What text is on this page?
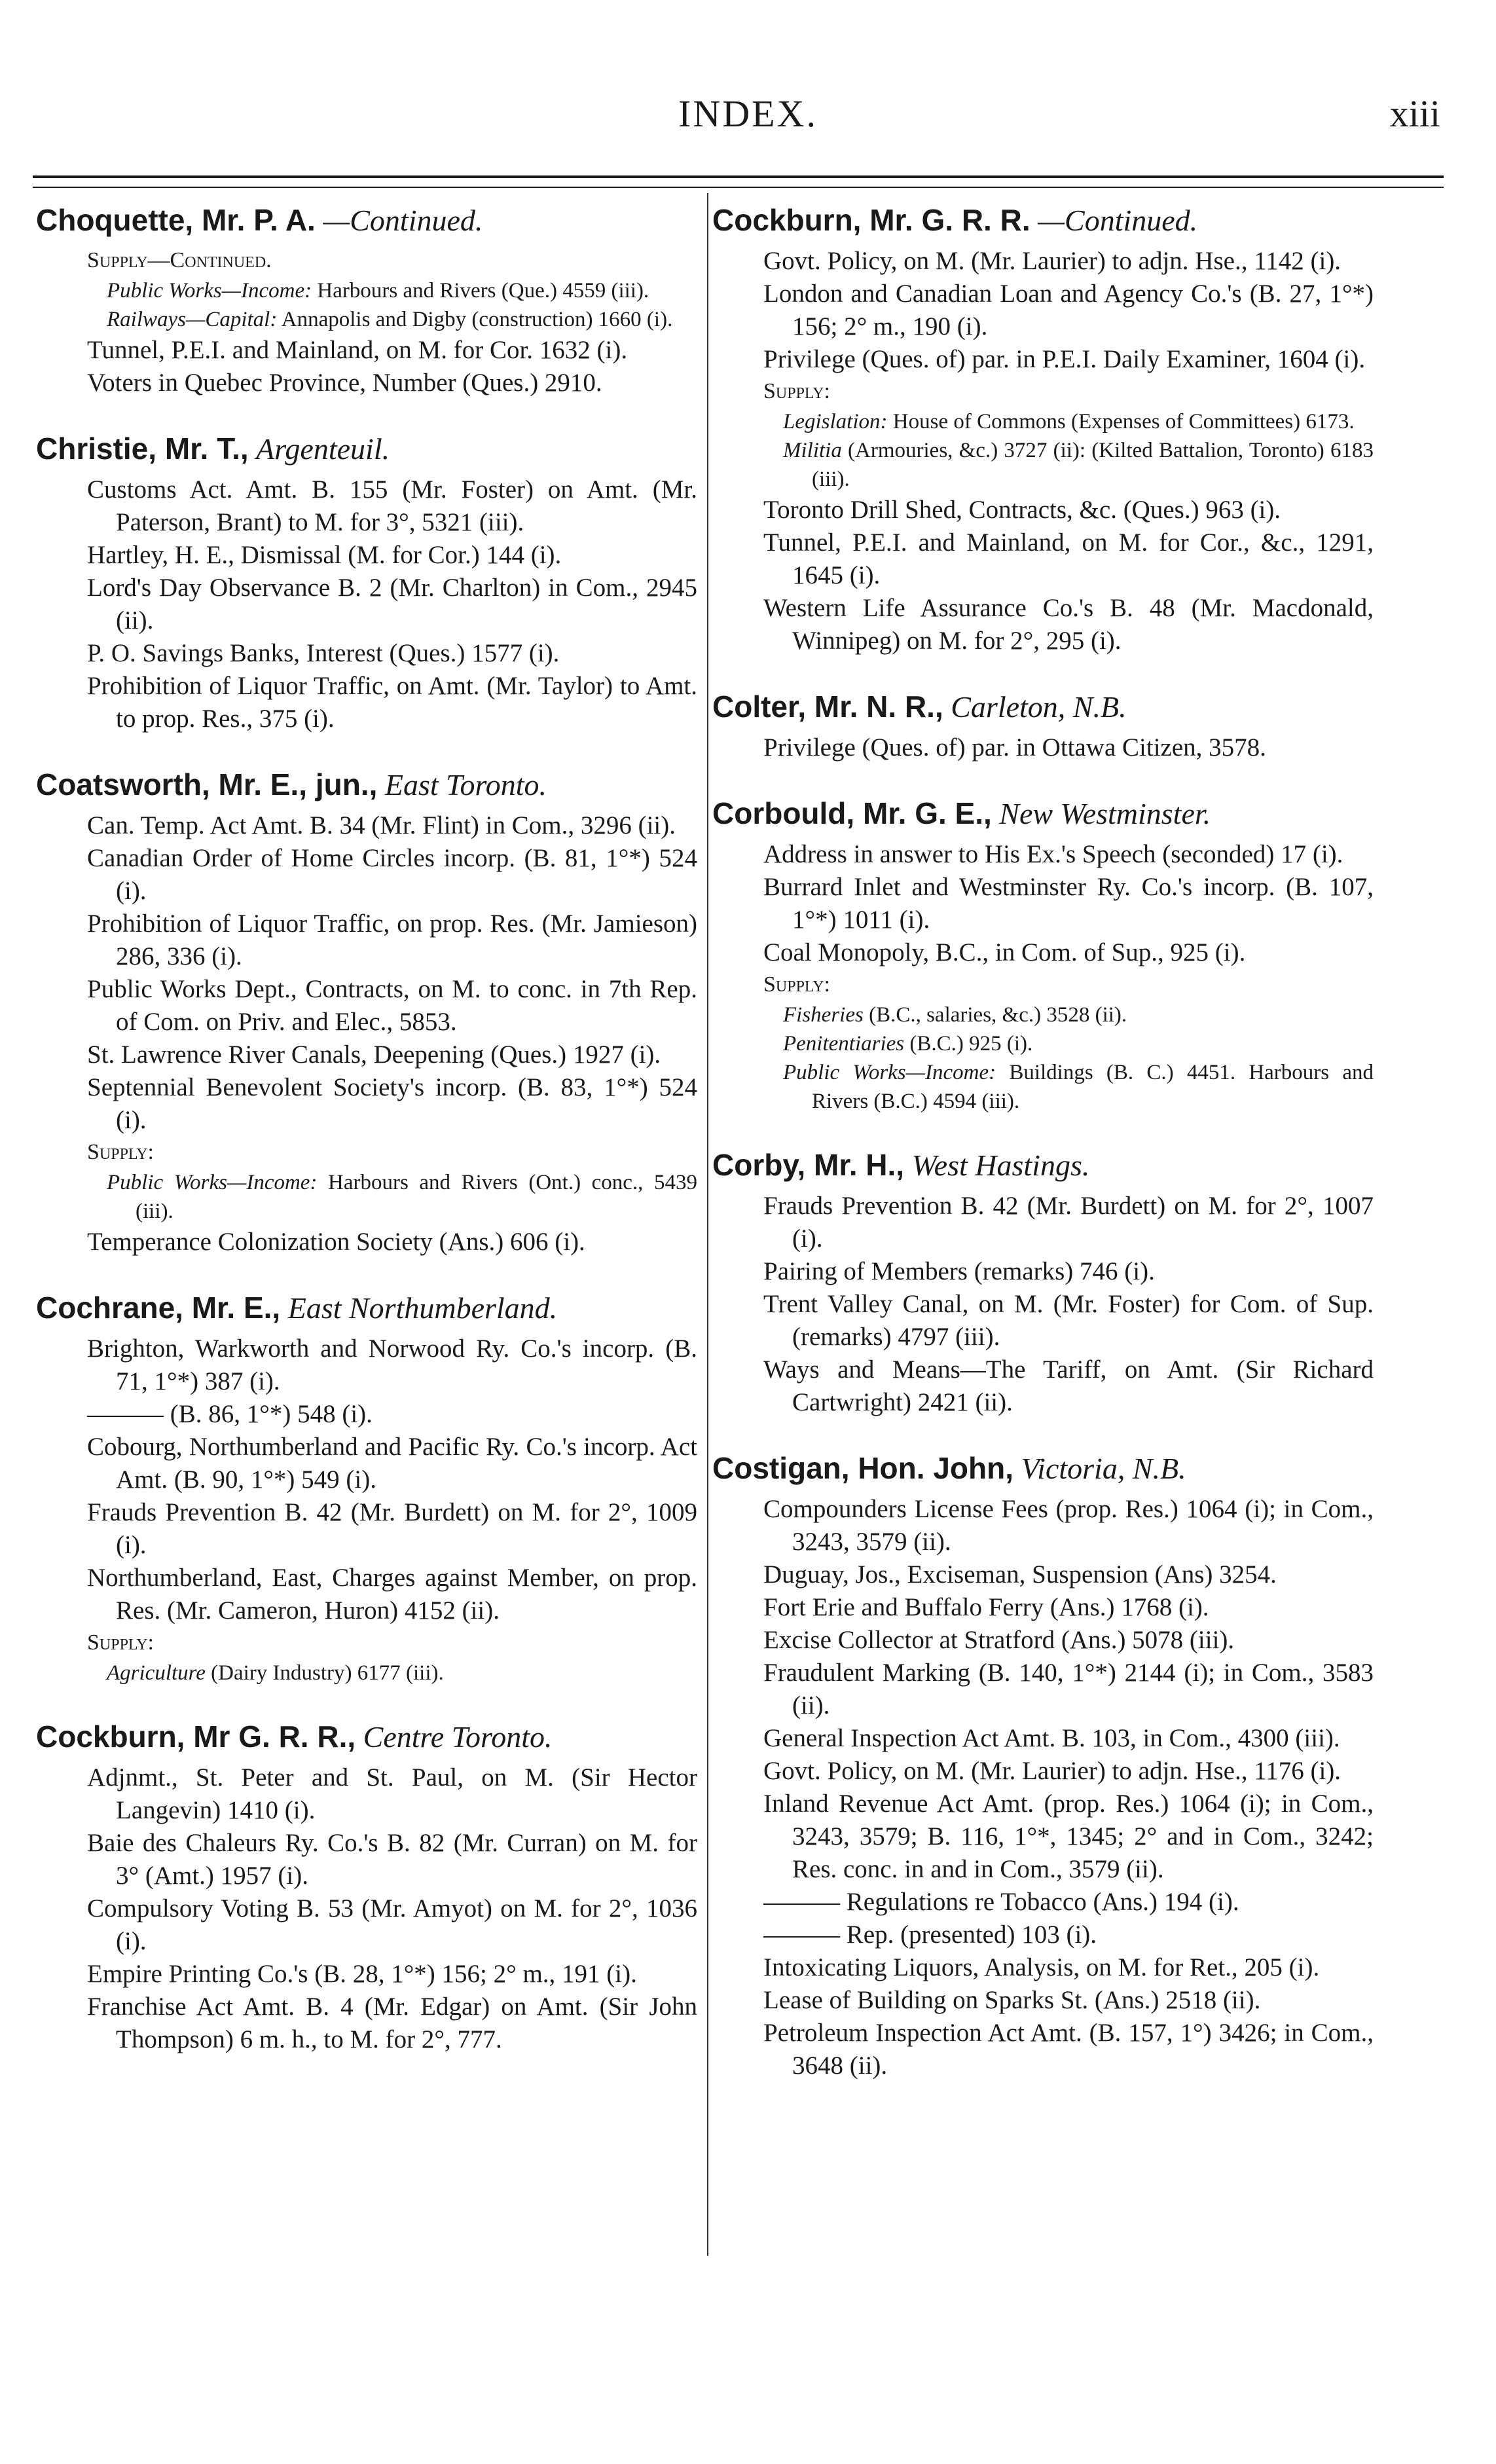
INDEX.	xiii
Choquette, Mr. P. A. —Continued.
Supply—Continued.
Public Works—Income: Harbours and Rivers (Que.) 4559 (iii).
Railways—Capital: Annapolis and Digby (construction) 1660 (i).
Tunnel, P.E.I. and Mainland, on M. for Cor. 1632 (i).
Voters in Quebec Province, Number (Ques.) 2910.
Christie, Mr. T., Argenteuil.
Customs Act. Amt. B. 155 (Mr. Foster) on Amt. (Mr. Paterson, Brant) to M. for 3°, 5321 (iii).
Hartley, H. E., Dismissal (M. for Cor.) 144 (i).
Lord's Day Observance B. 2 (Mr. Charlton) in Com., 2945 (ii).
P. O. Savings Banks, Interest (Ques.) 1577 (i).
Prohibition of Liquor Traffic, on Amt. (Mr. Taylor) to Amt. to prop. Res., 375 (i).
Coatsworth, Mr. E., jun., East Toronto.
Can. Temp. Act Amt. B. 34 (Mr. Flint) in Com., 3296 (ii).
Canadian Order of Home Circles incorp. (B. 81, 1°*) 524 (i).
Prohibition of Liquor Traffic, on prop. Res. (Mr. Jamieson) 286, 336 (i).
Public Works Dept., Contracts, on M. to conc. in 7th Rep. of Com. on Priv. and Elec., 5853.
St. Lawrence River Canals, Deepening (Ques.) 1927 (i).
Septennial Benevolent Society's incorp. (B. 83, 1°*) 524 (i).
Supply:
Public Works—Income: Harbours and Rivers (Ont.) conc., 5439 (iii).
Temperance Colonization Society (Ans.) 606 (i).
Cochrane, Mr. E., East Northumberland.
Brighton, Warkworth and Norwood Ry. Co.'s incorp. (B. 71, 1°*) 387 (i).
——— (B. 86, 1°*) 548 (i).
Cobourg, Northumberland and Pacific Ry. Co.'s incorp. Act Amt. (B. 90, 1°*) 549 (i).
Frauds Prevention B. 42 (Mr. Burdett) on M. for 2°, 1009 (i).
Northumberland, East, Charges against Member, on prop. Res. (Mr. Cameron, Huron) 4152 (ii).
Supply:
Agriculture (Dairy Industry) 6177 (iii).
Cockburn, Mr G. R. R., Centre Toronto.
Adjnmt., St. Peter and St. Paul, on M. (Sir Hector Langevin) 1410 (i).
Baie des Chaleurs Ry. Co.'s B. 82 (Mr. Curran) on M. for 3° (Amt.) 1957 (i).
Compulsory Voting B. 53 (Mr. Amyot) on M. for 2°, 1036 (i).
Empire Printing Co.'s (B. 28, 1°*) 156; 2° m., 191 (i).
Franchise Act Amt. B. 4 (Mr. Edgar) on Amt. (Sir John Thompson) 6 m. h., to M. for 2°, 777.
Cockburn, Mr. G. R. R. —Continued.
Govt. Policy, on M. (Mr. Laurier) to adjn. Hse., 1142 (i).
London and Canadian Loan and Agency Co.'s (B. 27, 1°*) 156; 2° m., 190 (i).
Privilege (Ques. of) par. in P.E.I. Daily Examiner, 1604 (i).
Supply:
Legislation: House of Commons (Expenses of Committees) 6173.
Militia (Armouries, &c.) 3727 (ii): (Kilted Battalion, Toronto) 6183 (iii).
Toronto Drill Shed, Contracts, &c. (Ques.) 963 (i).
Tunnel, P.E.I. and Mainland, on M. for Cor., &c., 1291, 1645 (i).
Western Life Assurance Co.'s B. 48 (Mr. Macdonald, Winnipeg) on M. for 2°, 295 (i).
Colter, Mr. N. R., Carleton, N.B.
Privilege (Ques. of) par. in Ottawa Citizen, 3578.
Corbould, Mr. G. E., New Westminster.
Address in answer to His Ex.'s Speech (seconded) 17 (i).
Burrard Inlet and Westminster Ry. Co.'s incorp. (B. 107, 1°*) 1011 (i).
Coal Monopoly, B.C., in Com. of Sup., 925 (i).
Supply:
Fisheries (B.C., salaries, &c.) 3528 (ii).
Penitentiaries (B.C.) 925 (i).
Public Works—Income: Buildings (B. C.) 4451. Harbours and Rivers (B.C.) 4594 (iii).
Corby, Mr. H., West Hastings.
Frauds Prevention B. 42 (Mr. Burdett) on M. for 2°, 1007 (i).
Pairing of Members (remarks) 746 (i).
Trent Valley Canal, on M. (Mr. Foster) for Com. of Sup. (remarks) 4797 (iii).
Ways and Means—The Tariff, on Amt. (Sir Richard Cartwright) 2421 (ii).
Costigan, Hon. John, Victoria, N.B.
Compounders License Fees (prop. Res.) 1064 (i); in Com., 3243, 3579 (ii).
Duguay, Jos., Exciseman, Suspension (Ans) 3254.
Fort Erie and Buffalo Ferry (Ans.) 1768 (i).
Excise Collector at Stratford (Ans.) 5078 (iii).
Fraudulent Marking (B. 140, 1°*) 2144 (i); in Com., 3583 (ii).
General Inspection Act Amt. B. 103, in Com., 4300 (iii).
Govt. Policy, on M. (Mr. Laurier) to adjn. Hse., 1176 (i).
Inland Revenue Act Amt. (prop. Res.) 1064 (i); in Com., 3243, 3579; B. 116, 1°*, 1345; 2° and in Com., 3242; Res. conc. in and in Com., 3579 (ii).
——— Regulations re Tobacco (Ans.) 194 (i).
——— Rep. (presented) 103 (i).
Intoxicating Liquors, Analysis, on M. for Ret., 205 (i).
Lease of Building on Sparks St. (Ans.) 2518 (ii).
Petroleum Inspection Act Amt. (B. 157, 1°) 3426; in Com., 3648 (ii).
